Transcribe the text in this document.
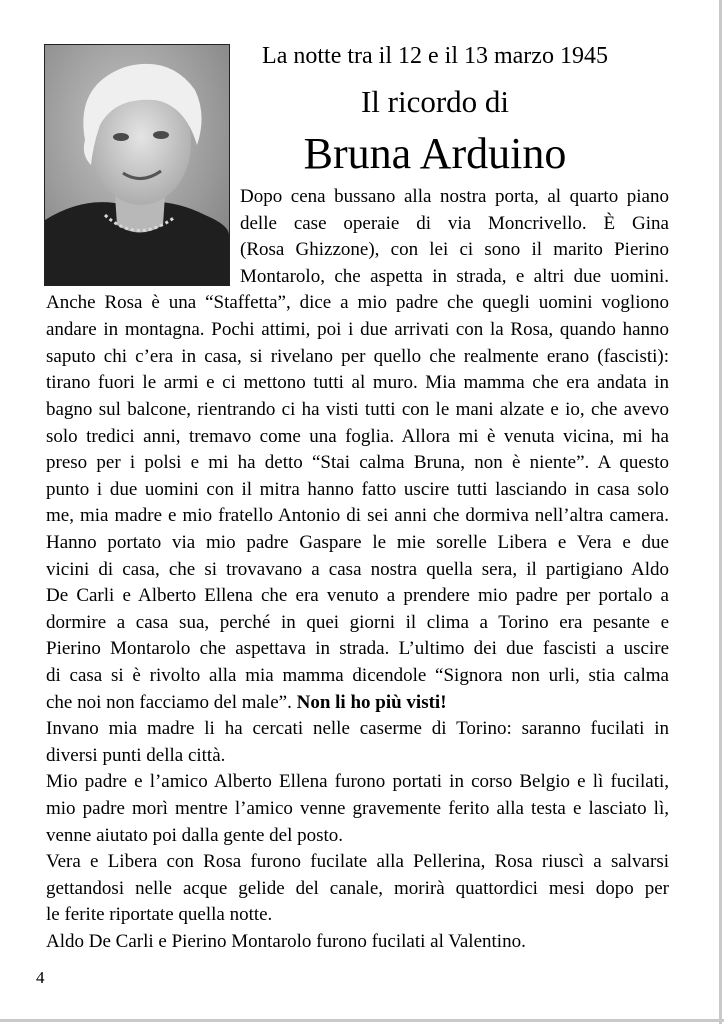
La notte tra il 12 e il 13 marzo 1945
Il ricordo di
Bruna Arduino
Dopo cena bussano alla nostra porta, al quarto piano
delle case operaie di via Moncrivello. È Gina
(Rosa Ghizzone), con lei ci sono il marito Pierino
Montarolo, che aspetta in strada, e altri due uomini.
Anche Rosa è una “Staffetta”, dice a mio padre che quegli uomini vogliono
andare in montagna. Pochi attimi, poi i due arrivati con la Rosa, quando hanno
saputo chi c’era in casa, si rivelano per quello che realmente erano (fascisti):
tirano fuori le armi e ci mettono tutti al muro. Mia mamma che era andata in
bagno sul balcone, rientrando ci ha visti tutti con le mani alzate e io, che avevo
solo tredici anni, tremavo come una foglia. Allora mi è venuta vicina, mi ha
preso per i polsi e mi ha detto “Stai calma Bruna, non è niente”. A questo
punto i due uomini con il mitra hanno fatto uscire tutti lasciando in casa solo
me, mia madre e mio fratello Antonio di sei anni che dormiva nell’altra camera.
Hanno portato via mio padre Gaspare le mie sorelle Libera e Vera e due
vicini di casa, che si trovavano a casa nostra quella sera, il partigiano Aldo
De Carli e Alberto Ellena che era venuto a prendere mio padre per portalo a
dormire a casa sua, perché in quei giorni il clima a Torino era pesante e
Pierino Montarolo che aspettava in strada. L’ultimo dei due fascisti a uscire
di casa si è rivolto alla mia mamma dicendole “Signora non urli, stia calma
che noi non facciamo del male”. Non li ho più visti!
Invano mia madre li ha cercati nelle caserme di Torino: saranno fucilati in
diversi punti della città.
Mio padre e l’amico Alberto Ellena furono portati in corso Belgio e lì fucilati,
mio padre morì mentre l’amico venne gravemente ferito alla testa e lasciato lì,
venne aiutato poi dalla gente del posto.
Vera e Libera con Rosa furono fucilate alla Pellerina, Rosa riuscì a salvarsi
gettandosi nelle acque gelide del canale, morirà quattordici mesi dopo per
le ferite riportate quella notte.
Aldo De Carli e Pierino Montarolo furono fucilati al Valentino.
4
